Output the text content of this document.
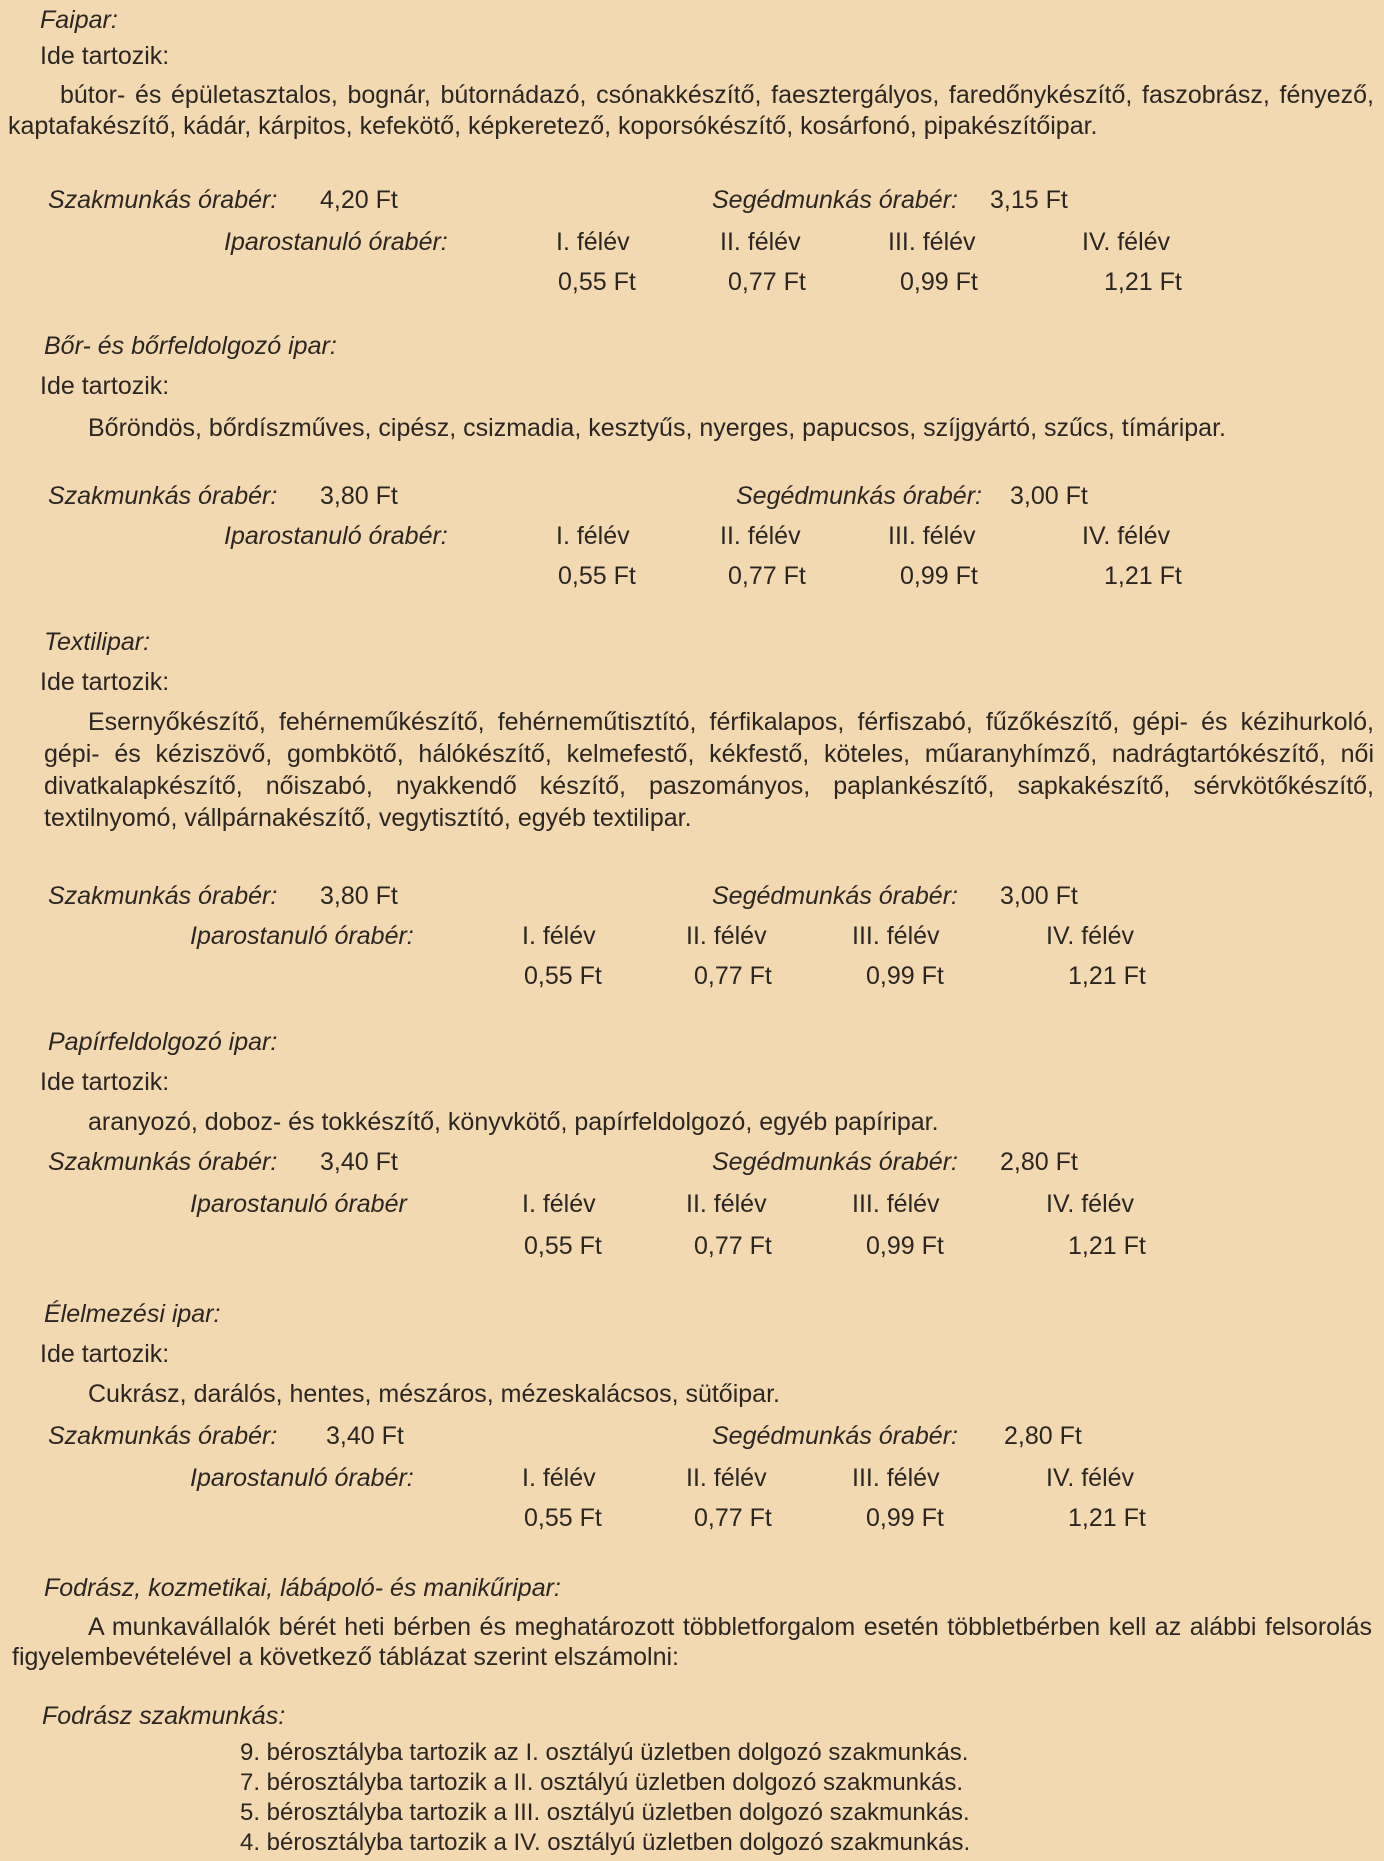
Faipar:
Ide tartozik:
bútor- és épületasztalos, bognár, bútornádazó, csónakkészítő, faesztergályos, faredőnykészítő, faszobrász, fényező, kaptafakészítő, kádár, kárpitos, kefekötő, képkeretező, koporsókészítő, kosárfonó, pipakészítőipar.
Szakmunkás órabér: 4,20 Ft	Segédmunkás órabér: 3,15 Ft
Iparostanuló órabér:	I. félév	II. félév	III. félév	IV. félév
0,55 Ft	0,77 Ft	0,99 Ft	1,21 Ft
Bőr- és bőrfeldolgozó ipar:
Ide tartozik:
Bőröndös, bőrdíszműves, cipész, csizmadia, kesztyűs, nyerges, papucsos, szíjgyártó, szűcs, tímáripar.
Szakmunkás órabér: 3,80 Ft	Segédmunkás órabér: 3,00 Ft
Iparostanuló órabér:	I. félév	II. félév	III. félév	IV. félév
0,55 Ft	0,77 Ft	0,99 Ft	1,21 Ft
Textilipar:
Ide tartozik:
Esernyőkészítő, fehérneműkészítő, fehérneműtisztító, férfikalapos, férfiszabó, fűzőkészítő, gépi- és kézihurkoló, gépi- és kéziszövő, gombkötő, hálókészítő, kelmefestő, kékfestő, köteles, műaranyhímző, nadrágtartókészítő, női divatkalapkészítő, nőiszabó, nyakkendő készítő, paszományos, paplankészítő, sapkakészítő, sérvkötőkészítő, textilnyomó, vállpárnakészítő, vegytisztító, egyéb textilipar.
Szakmunkás órabér: 3,80 Ft	Segédmunkás órabér: 3,00 Ft
Iparostanuló órabér:	I. félév	II. félév	III. félév	IV. félév
0,55 Ft	0,77 Ft	0,99 Ft	1,21 Ft
Papírfeldolgozó ipar:
Ide tartozik:
aranyozó, doboz- és tokkészítő, könyvkötő, papírfeldolgozó, egyéb papíripar.
Szakmunkás órabér: 3,40 Ft	Segédmunkás órabér: 2,80 Ft
Iparostanuló órabér	I. félév	II. félév	III. félév	IV. félév
0,55 Ft	0,77 Ft	0,99 Ft	1,21 Ft
Élelmezési ipar:
Ide tartozik:
Cukrász, darálós, hentes, mészáros, mézeskalácsos, sütőipar.
Szakmunkás órabér: 3,40 Ft	Segédmunkás órabér: 2,80 Ft
Iparostanuló órabér:	I. félév	II. félév	III. félév	IV. félév
0,55 Ft	0,77 Ft	0,99 Ft	1,21 Ft
Fodrász, kozmetikai, lábápoló- és manikűripar:
A munkavállalók bérét heti bérben és meghatározott többletforgalom esetén többletbérben kell az alábbi felsorolás figyelembevételével a következő táblázat szerint elszámolni:
Fodrász szakmunkás:
9. bérosztályba tartozik az I. osztályú üzletben dolgozó szakmunkás.
7. bérosztályba tartozik a II. osztályú üzletben dolgozó szakmunkás.
5. bérosztályba tartozik a III. osztályú üzletben dolgozó szakmunkás.
4. bérosztályba tartozik a IV. osztályú üzletben dolgozó szakmunkás.
